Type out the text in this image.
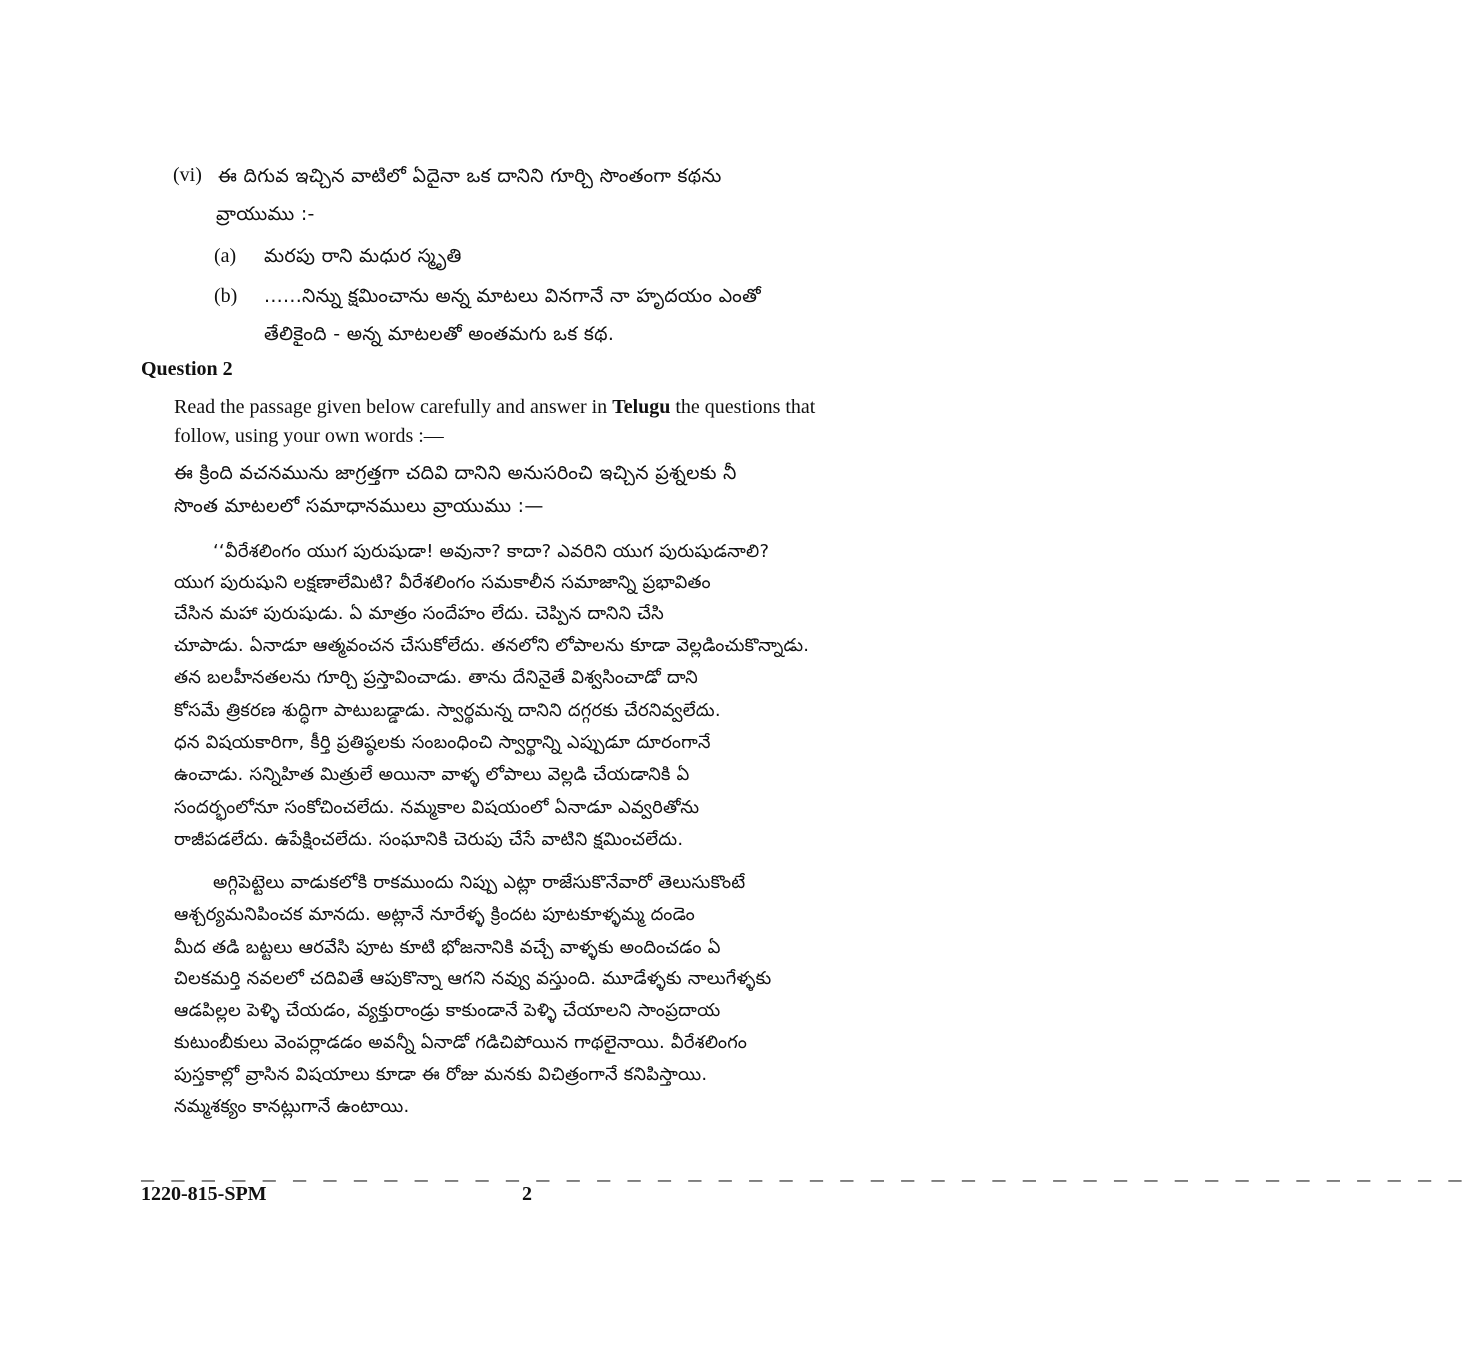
(vi) ఈ దిగువ ఇచ్చిన వాటిలో ఏదైనా ఒక దానిని గూర్చి సొంతంగా కథను
వ్రాయుము :-
(a) మరపు రాని మధుర స్మృతి
(b) ......నిన్ను క్షమించాను అన్న మాటలు వినగానే నా హృదయం ఎంతో
తేలికైంది - అన్న మాటలతో అంతమగు ఒక కథ.
Question 2
Read the passage given below carefully and answer in Telugu the questions that
follow, using your own words :—
ఈ క్రింది వచనమును జాగ్రత్తగా చదివి దానిని అనుసరించి ఇచ్చిన ప్రశ్నలకు నీ
సొంత మాటలలో సమాధానములు వ్రాయుము :—
‘‘వీరేశలింగం యుగ పురుషుడా! అవునా? కాదా? ఎవరిని యుగ పురుషుడనాలి?
యుగ పురుషుని లక్షణాలేమిటి? వీరేశలింగం సమకాలీన సమాజాన్ని ప్రభావితం
చేసిన మహా పురుషుడు. ఏ మాత్రం సందేహం లేదు. చెప్పిన దానిని చేసి
చూపాడు. ఏనాడూ ఆత్మవంచన చేసుకోలేదు. తనలోని లోపాలను కూడా వెల్లడించుకొన్నాడు.
తన బలహీనతలను గూర్చి ప్రస్తావించాడు. తాను దేనినైతే విశ్వసించాడో దాని
కోసమే త్రికరణ శుద్ధిగా పాటుబడ్డాడు. స్వార్థమన్న దానిని దగ్గరకు చేరనివ్వలేదు.
ధన విషయకారిగా, కీర్తి ప్రతిష్ఠలకు సంబంధించి స్వార్థాన్ని ఎప్పుడూ దూరంగానే
ఉంచాడు. సన్నిహిత మిత్రులే అయినా వాళ్ళ లోపాలు వెల్లడి చేయడానికి ఏ
సందర్భంలోనూ సంకోచించలేదు. నమ్మకాల విషయంలో ఏనాడూ ఎవ్వరితోను
రాజీపడలేదు. ఉపేక్షించలేదు. సంఘానికి చెరుపు చేసే వాటిని క్షమించలేదు.
అగ్గిపెట్టెలు వాడుకలోకి రాకముందు నిప్పు ఎట్లా రాజేసుకొనేవారో తెలుసుకొంటే
ఆశ్చర్యమనిపించక మానదు. అట్లానే నూరేళ్ళ క్రిందట పూటకూళ్ళమ్మ దండెం
మీద తడి బట్టలు ఆరవేసి పూట కూటి భోజనానికి వచ్చే వాళ్ళకు అందించడం ఏ
చిలకమర్తి నవలలో చదివితే ఆపుకొన్నా ఆగని నవ్వు వస్తుంది. మూడేళ్ళకు నాలుగేళ్ళకు
ఆడపిల్లల పెళ్ళి చేయడం, వ్యక్తురాండ్రు కాకుండానే పెళ్ళి చేయాలని సాంప్రదాయ
కుటుంబీకులు వెంపర్లాడడం అవన్నీ ఏనాడో గడిచిపోయిన గాథలైనాయి. వీరేశలింగం
పుస్తకాల్లో వ్రాసిన విషయాలు కూడా ఈ రోజు మనకు విచిత్రంగానే కనిపిస్తాయి.
నమ్మశక్యం కానట్లుగానే ఉంటాయి.
_ _ _ _ _ _ _ _ _ _ _ _ _ _ _ _ _ _ _ _ _ _ _ _ _ _ _ _ _ _ _ _ _ _ _ _ _ _ _ _ _ _ _ _
1220-815-SPM	2
